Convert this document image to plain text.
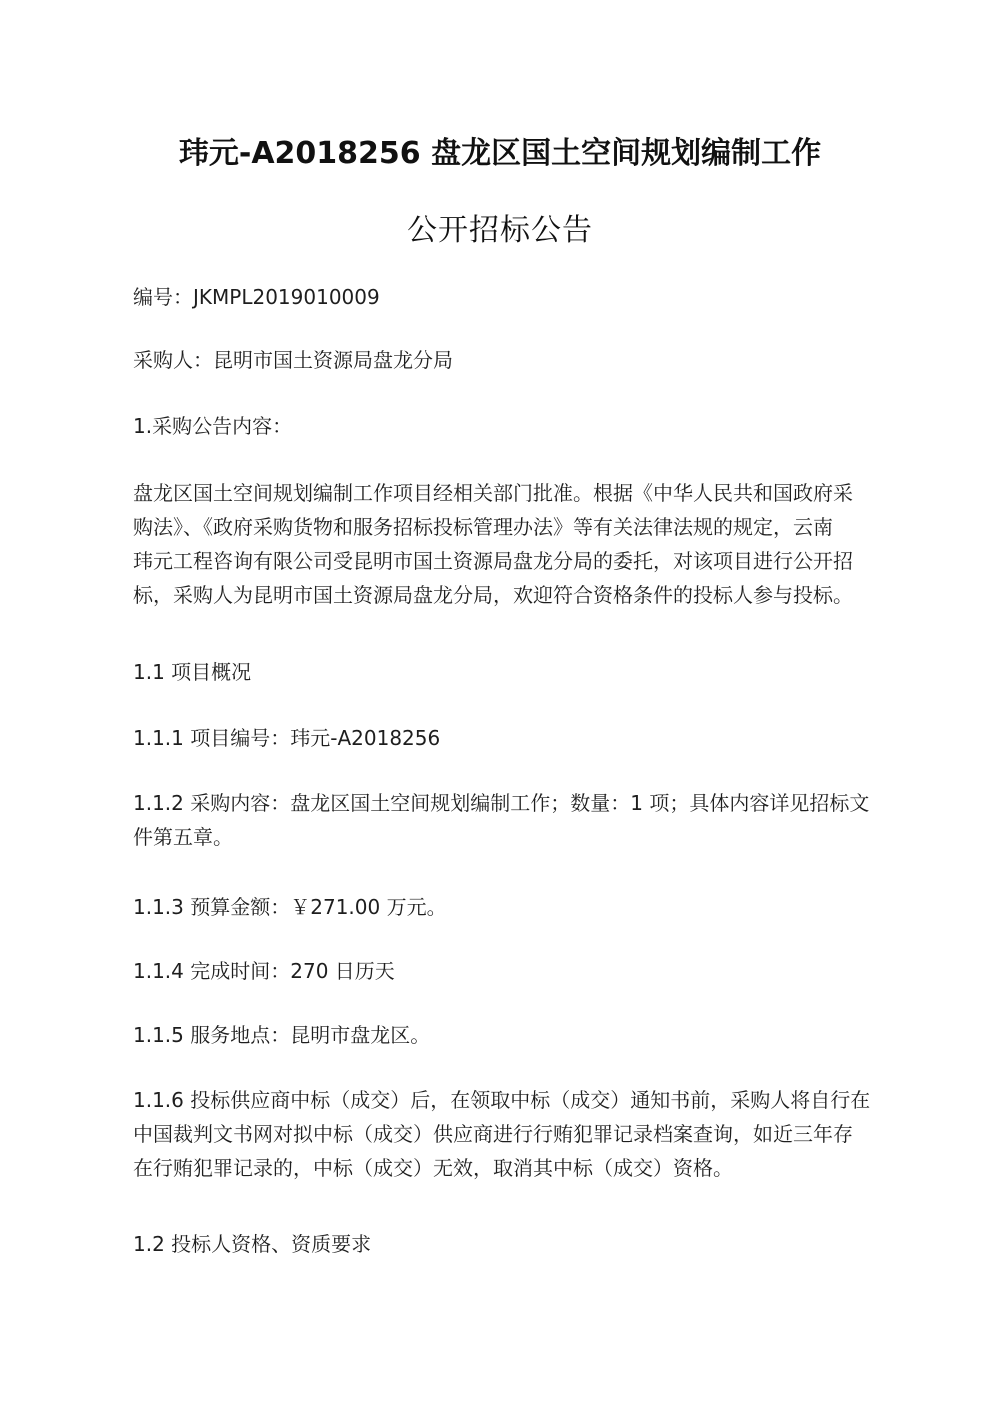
玮元-A2018256 盘龙区国土空间规划编制工作
公开招标公告
编号：JKMPL2019010009
采购人：昆明市国土资源局盘龙分局
1.采购公告内容：
盘龙区国土空间规划编制工作项目经相关部门批准。根据《中华人民共和国政府采
购法》、《政府采购货物和服务招标投标管理办法》等有关法律法规的规定，云南
玮元工程咨询有限公司受昆明市国土资源局盘龙分局的委托，对该项目进行公开招
标，采购人为昆明市国土资源局盘龙分局，欢迎符合资格条件的投标人参与投标。
1.1 项目概况
1.1.1 项目编号：玮元-A2018256
1.1.2 采购内容：盘龙区国土空间规划编制工作；数量：1 项；具体内容详见招标文
件第五章。
1.1.3 预算金额：￥271.00 万元。
1.1.4 完成时间：270 日历天
1.1.5 服务地点：昆明市盘龙区。
1.1.6 投标供应商中标（成交）后，在领取中标（成交）通知书前，采购人将自行在
中国裁判文书网对拟中标（成交）供应商进行行贿犯罪记录档案查询，如近三年存
在行贿犯罪记录的，中标（成交）无效，取消其中标（成交）资格。
1.2 投标人资格、资质要求
